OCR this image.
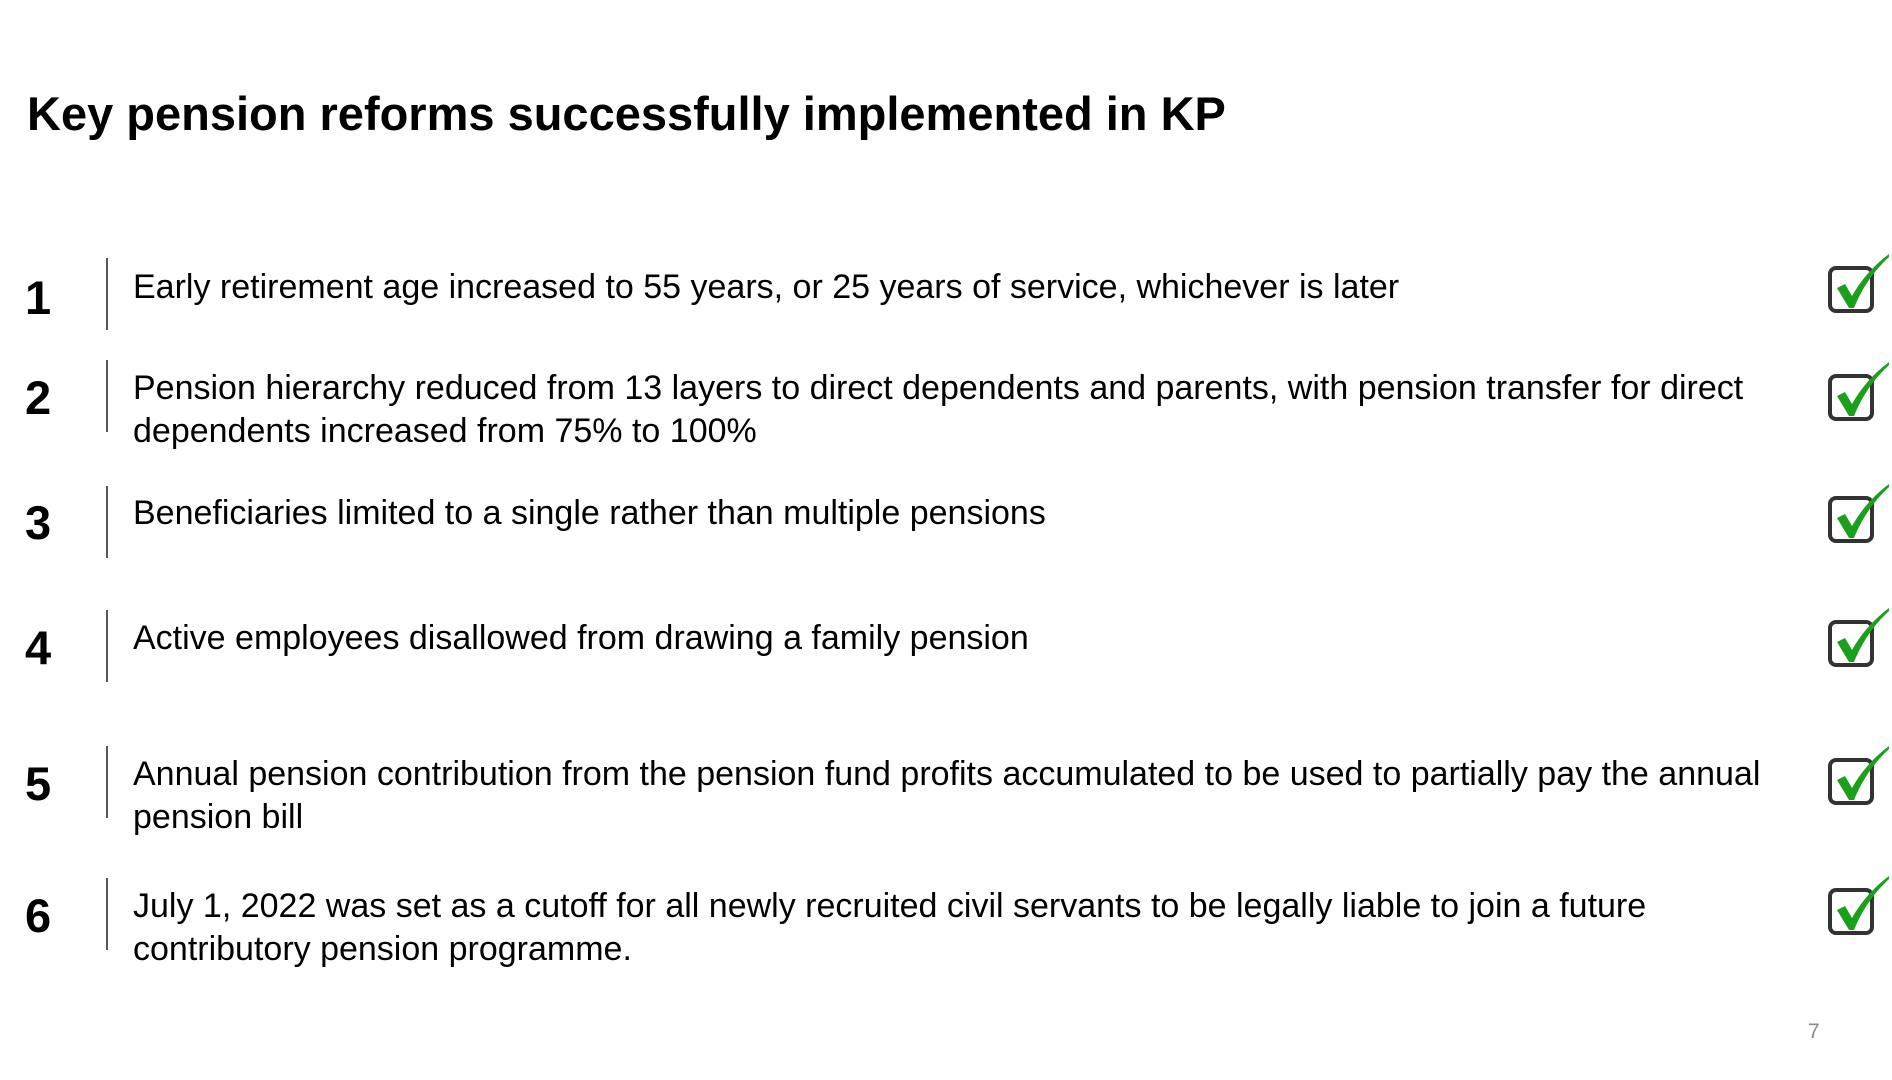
Key pension reforms successfully implemented in KP
1 Early retirement age increased to 55 years, or 25 years of service, whichever is later
2 Pension hierarchy reduced from 13 layers to direct dependents and parents, with pension transfer for direct dependents increased from 75% to 100%
3 Beneficiaries limited to a single rather than multiple pensions
4 Active employees disallowed from drawing a family pension
5 Annual pension contribution from the pension fund profits accumulated to be used to partially pay the annual pension bill
6 July 1, 2022 was set as a cutoff for all newly recruited civil servants to be legally liable to join a future contributory pension programme.
7
